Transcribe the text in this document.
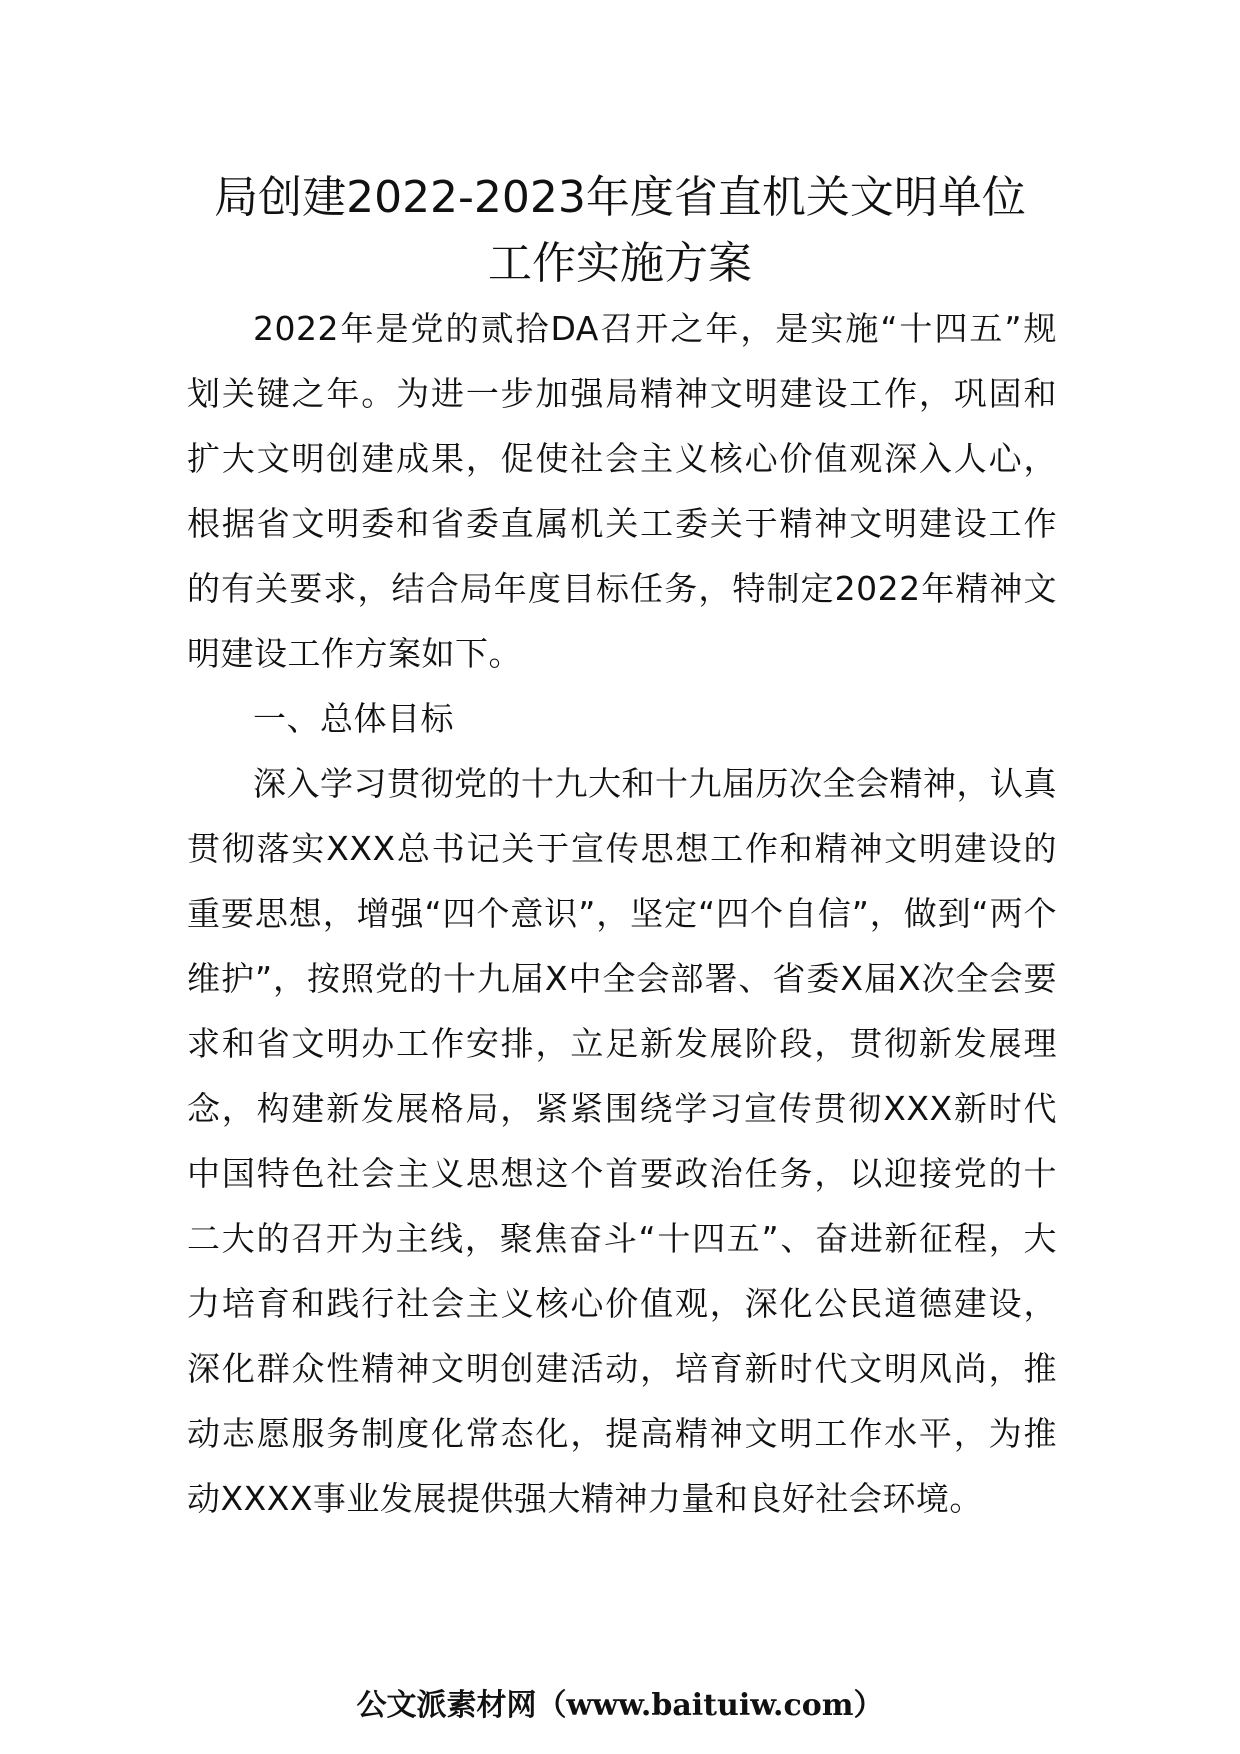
局创建2022-2023年度省直机关文明单位
工作实施方案

2022年是党的贰拾DA召开之年，是实施“十四五”规划关键之年。为进一步加强局精神文明建设工作，巩固和扩大文明创建成果，促使社会主义核心价值观深入人心，根据省文明委和省委直属机关工委关于精神文明建设工作的有关要求，结合局年度目标任务，特制定2022年精神文明建设工作方案如下。

一、总体目标

深入学习贯彻党的十九大和十九届历次全会精神，认真贯彻落实XXX总书记关于宣传思想工作和精神文明建设的重要思想，增强“四个意识”，坚定“四个自信”，做到“两个维护”，按照党的十九届X中全会部署、省委X届X次全会要求和省文明办工作安排，立足新发展阶段，贯彻新发展理念，构建新发展格局，紧紧围绕学习宣传贯彻XXX新时代中国特色社会主义思想这个首要政治任务，以迎接党的十二大的召开为主线，聚焦奋斗“十四五”、奋进新征程，大力培育和践行社会主义核心价值观，深化公民道德建设，深化群众性精神文明创建活动，培育新时代文明风尚，推动志愿服务制度化常态化，提高精神文明工作水平，为推动XXXX事业发展提供强大精神力量和良好社会环境。

公文派素材网（www.baituiw.com）
